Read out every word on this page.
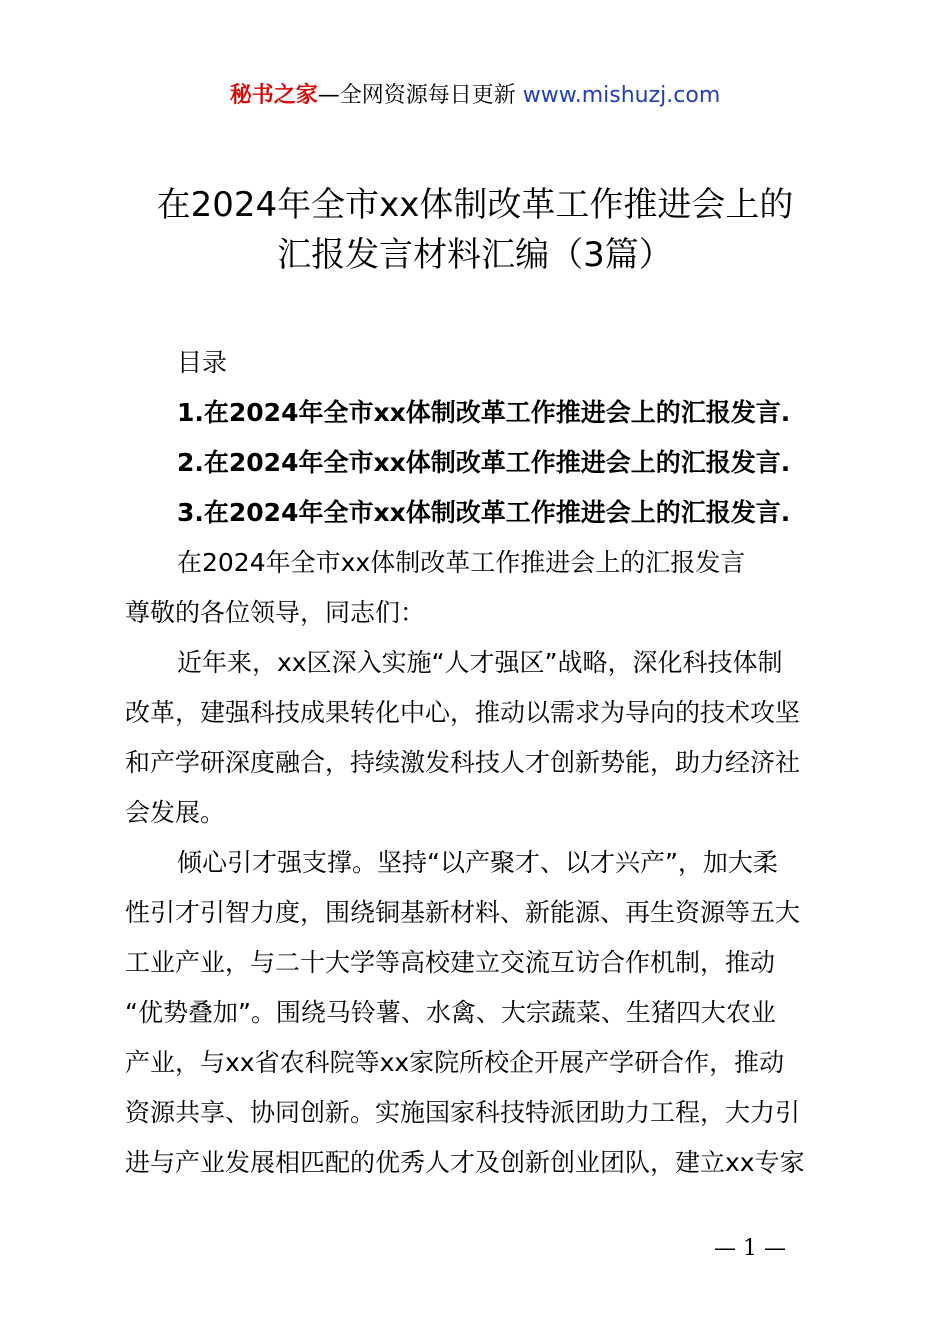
秘书之家—全网资源每日更新 www.mishuzj.com
在2024年全市xx体制改革工作推进会上的
汇报发言材料汇编（3篇）
目录
1.在2024年全市xx体制改革工作推进会上的汇报发言.
2.在2024年全市xx体制改革工作推进会上的汇报发言.
3.在2024年全市xx体制改革工作推进会上的汇报发言.
在2024年全市xx体制改革工作推进会上的汇报发言
尊敬的各位领导，同志们：
近年来，xx区深入实施“人才强区”战略，深化科技体制
改革，建强科技成果转化中心，推动以需求为导向的技术攻坚
和产学研深度融合，持续激发科技人才创新势能，助力经济社
会发展。
倾心引才强支撑。坚持“以产聚才、以才兴产”，加大柔
性引才引智力度，围绕铜基新材料、新能源、再生资源等五大
工业产业，与二十大学等高校建立交流互访合作机制，推动
“优势叠加”。围绕马铃薯、水禽、大宗蔬菜、生猪四大农业
产业，与xx省农科院等xx家院所校企开展产学研合作，推动
资源共享、协同创新。实施国家科技特派团助力工程，大力引
进与产业发展相匹配的优秀人才及创新创业团队，建立xx专家
— 1 —
